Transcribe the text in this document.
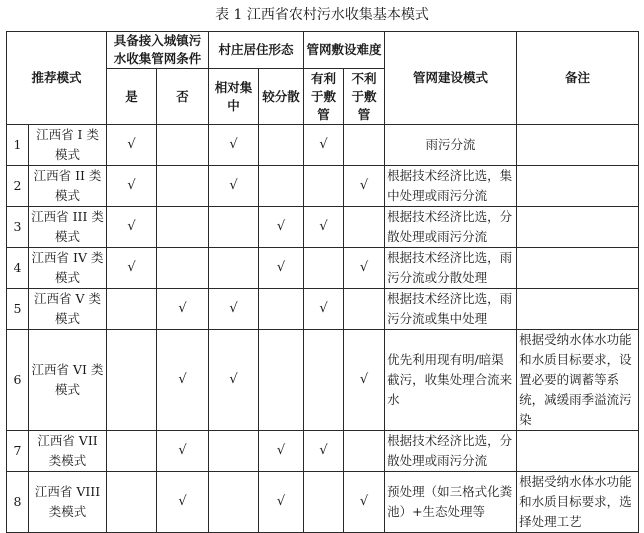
表 1 江西省农村污水收集基本模式
推荐模式		具备接入城镇污水收集管网条件		村庄居住形态		管网敷设难度		管网建设模式	备注
		是	否	相对集中	较分散	有利于敷管	不利于敷管		
1	江西省 I 类模式	√		√		√		雨污分流	
2	江西省 II 类模式	√		√			√	根据技术经济比选，集中处理或雨污分流	
3	江西省 III 类模式	√			√	√		根据技术经济比选，分散处理或雨污分流	
4	江西省 IV 类模式	√			√		√	根据技术经济比选，雨污分流或分散处理	
5	江西省 V 类模式		√	√		√		根据技术经济比选，雨污分流或集中处理	
6	江西省 VI 类模式		√	√			√	优先利用现有明/暗渠截污，收集处理合流来水	根据受纳水体水功能和水质目标要求，设置必要的调蓄等系统，减缓雨季溢流污染
7	江西省 VII 类模式		√		√	√		根据技术经济比选，分散处理或雨污分流	
8	江西省 VIII 类模式		√		√		√	预处理（如三格式化粪池）+生态处理等	根据受纳水体水功能和水质目标要求，选择处理工艺
